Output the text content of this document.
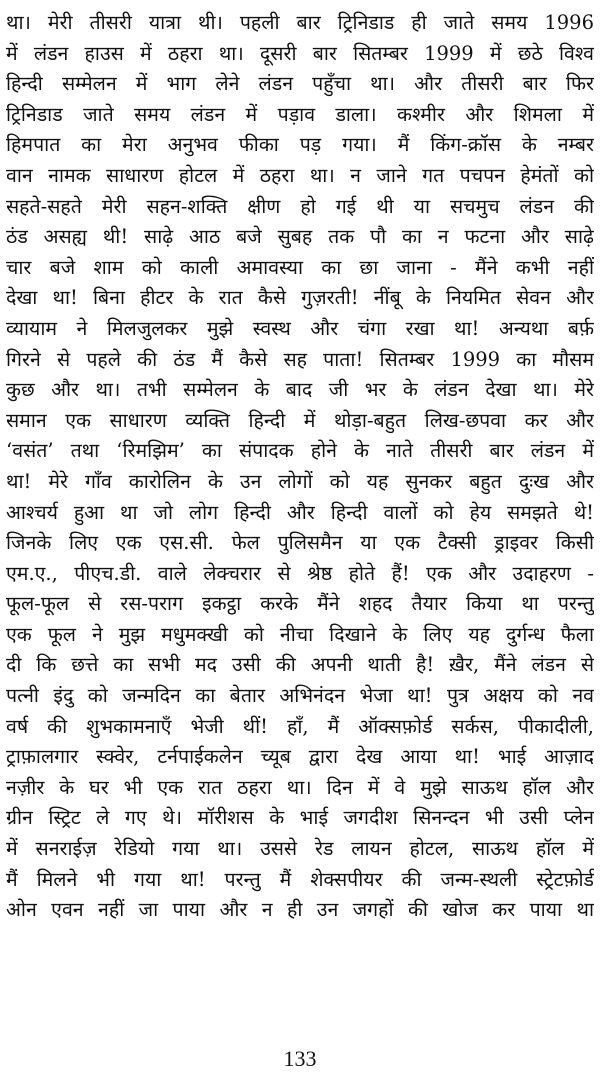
था। मेरी तीसरी यात्रा थी। पहली बार ट्रिनिडाड ही जाते समय 1996
में लंडन हाउस में ठहरा था। दूसरी बार सितम्बर 1999 में छठे विश्व
हिन्दी सम्मेलन में भाग लेने लंडन पहुँचा था। और तीसरी बार फिर
ट्रिनिडाड जाते समय लंडन में पड़ाव डाला। कश्मीर और शिमला में
हिमपात का मेरा अनुभव फीका पड़ गया। मैं किंग-क्रॉस के नम्बर
वान नामक साधारण होटल में ठहरा था। न जाने गत पचपन हेमंतों को
सहते-सहते मेरी सहन-शक्ति क्षीण हो गई थी या सचमुच लंडन की
ठंड असह्य थी! साढ़े आठ बजे सुबह तक पौ का न फटना और साढ़े
चार बजे शाम को काली अमावस्या का छा जाना - मैंने कभी नहीं
देखा था! बिना हीटर के रात कैसे गुज़रती! नींबू के नियमित सेवन और
व्यायाम ने मिलजुलकर मुझे स्वस्थ और चंगा रखा था! अन्यथा बर्फ़
गिरने से पहले की ठंड मैं कैसे सह पाता! सितम्बर 1999 का मौसम
कुछ और था। तभी सम्मेलन के बाद जी भर के लंडन देखा था। मेरे
समान एक साधारण व्यक्ति हिन्दी में थोड़ा-बहुत लिख-छपवा कर और
‘वसंत’ तथा ‘रिमझिम’ का संपादक होने के नाते तीसरी बार लंडन में
था! मेरे गाँव कारोलिन के उन लोगों को यह सुनकर बहुत दुःख और
आश्चर्य हुआ था जो लोग हिन्दी और हिन्दी वालों को हेय समझते थे!
जिनके लिए एक एस.सी. फेल पुलिसमैन या एक टैक्सी ड्राइवर किसी
एम.ए., पीएच.डी. वाले लेक्चरार से श्रेष्ठ होते हैं! एक और उदाहरण -
फूल-फूल से रस-पराग इकट्ठा करके मैंने शहद तैयार किया था परन्तु
एक फूल ने मुझ मधुमक्खी को नीचा दिखाने के लिए यह दुर्गन्ध फैला
दी कि छत्ते का सभी मद उसी की अपनी थाती है! ख़ैर, मैंने लंडन से
पत्नी इंदु को जन्मदिन का बेतार अभिनंदन भेजा था! पुत्र अक्षय को नव
वर्ष की शुभकामनाएँ भेजी थीं! हाँ, मैं ऑक्सफ़ोर्ड सर्कस, पीकादीली,
ट्राफ़ालगार स्क्वेर, टर्नपाईकलेन च्यूब द्वारा देख आया था! भाई आज़ाद
नज़ीर के घर भी एक रात ठहरा था। दिन में वे मुझे साऊथ हॉल और
ग्रीन स्ट्रिट ले गए थे। मॉरीशस के भाई जगदीश सिनन्दन भी उसी प्लेन
में सनराईज़ रेडियो गया था। उससे रेड लायन होटल, साऊथ हॉल में
मैं मिलने भी गया था! परन्तु मैं शेक्सपीयर की जन्म-स्थली स्ट्रेटफ़ोर्ड
ओन एवन नहीं जा पाया और न ही उन जगहों की खोज कर पाया था
133
